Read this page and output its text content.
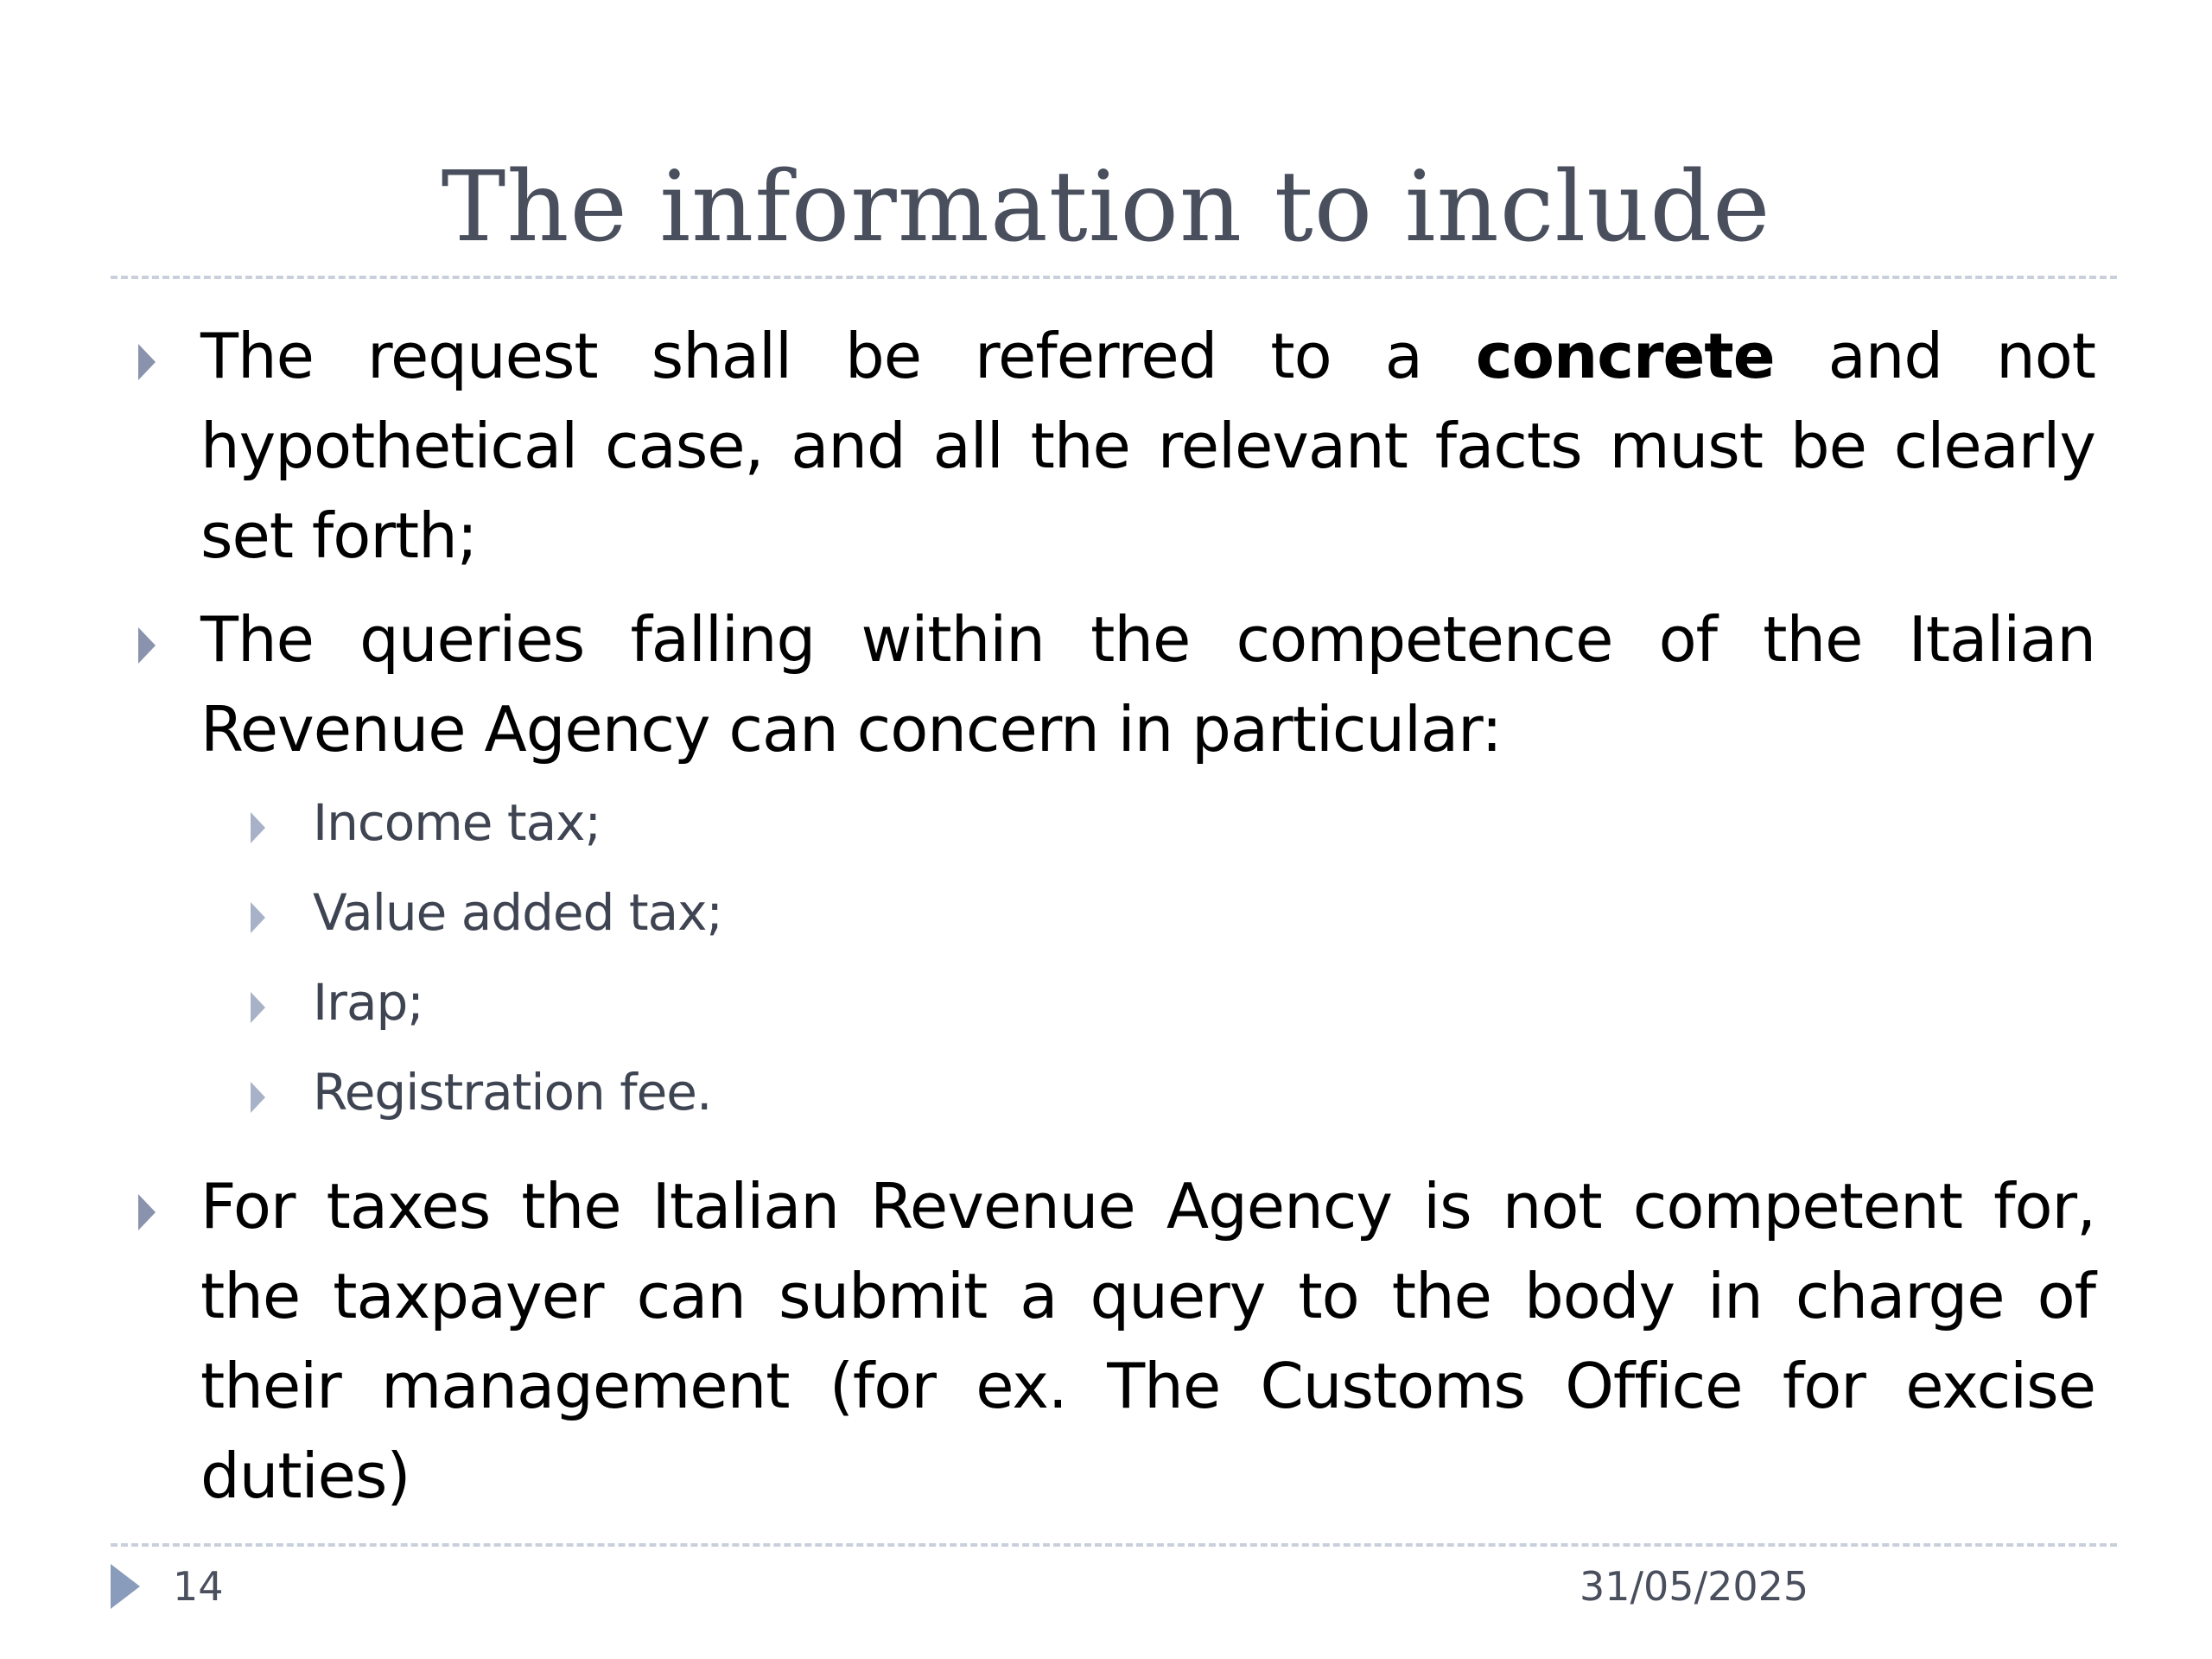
The information to include
The request shall be referred to a concrete and not hypothetical case, and all the relevant facts must be clearly set forth;
The queries falling within the competence of the Italian Revenue Agency can concern in particular:
Income tax;
Value added tax;
Irap;
Registration fee.
For taxes the Italian Revenue Agency is not competent for, the taxpayer can submit a query to the body in charge of their management (for ex. The Customs Office for excise duties)
14	31/05/2025
